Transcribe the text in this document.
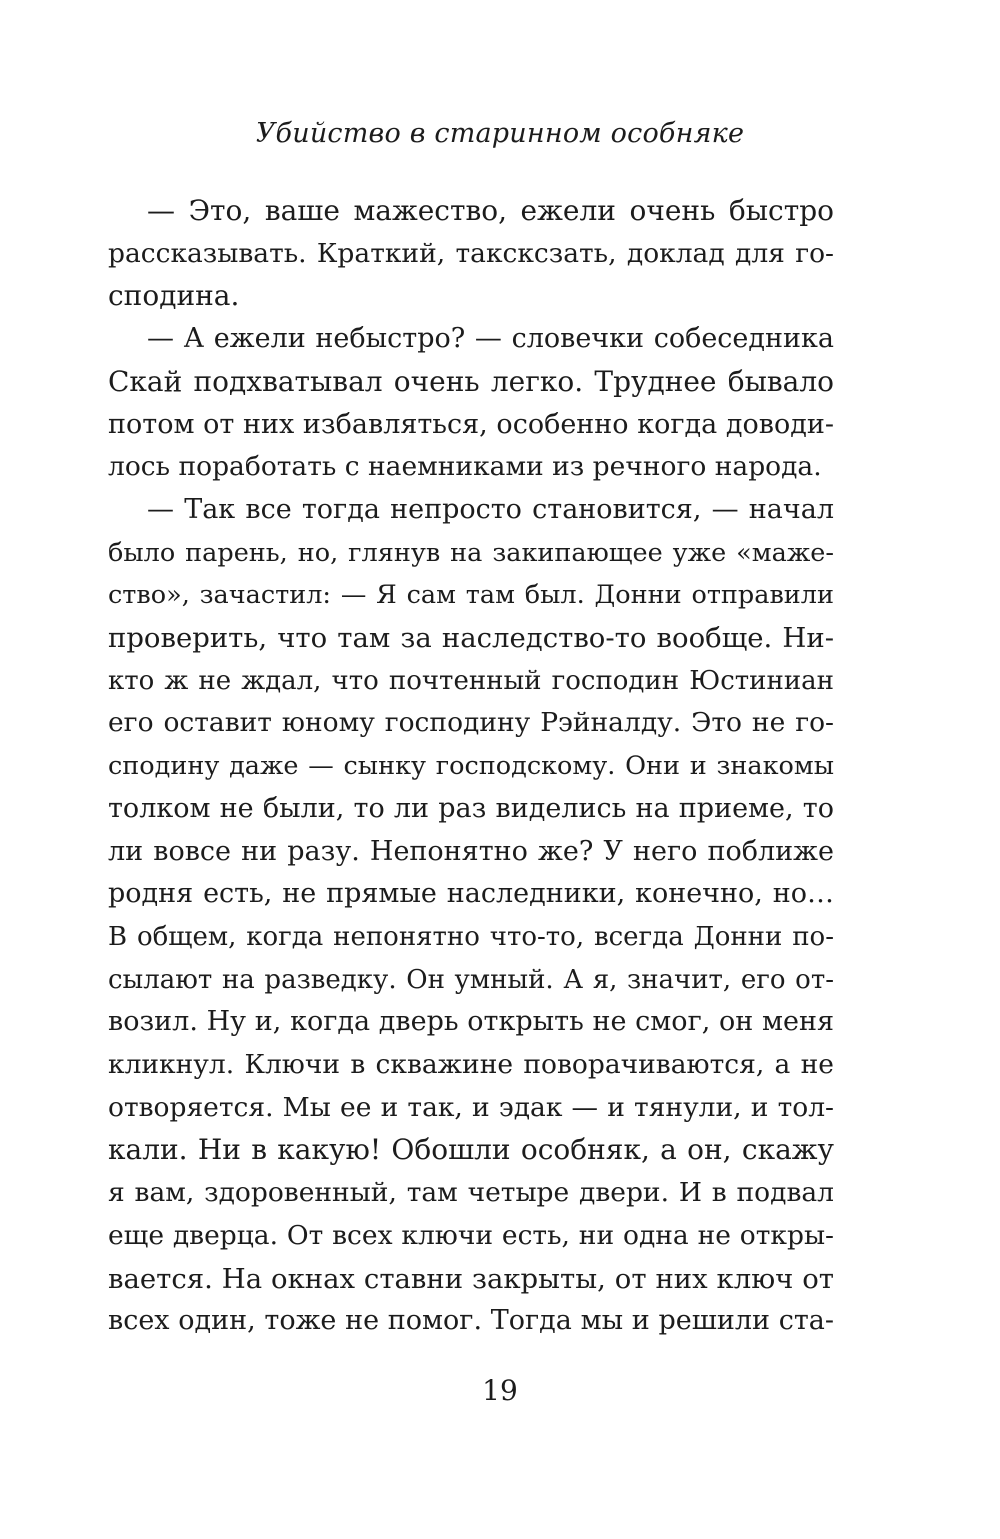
Убийство в старинном особняке
— Это, ваше мажество, ежели очень быстро
рассказывать. Краткий, таксксзать, доклад для го-
сподина.
— А ежели небыстро? — словечки собеседника
Скай подхватывал очень легко. Труднее бывало
потом от них избавляться, особенно когда доводи-
лось поработать с наемниками из речного народа.
— Так все тогда непросто становится, — начал
было парень, но, глянув на закипающее уже «маже-
ство», зачастил: — Я сам там был. Донни отправили
проверить, что там за наследство-то вообще. Ни-
кто ж не ждал, что почтенный господин Юстиниан
его оставит юному господину Рэйналду. Это не го-
сподину даже — сынку господскому. Они и знакомы
толком не были, то ли раз виделись на приеме, то
ли вовсе ни разу. Непонятно же? У него поближе
родня есть, не прямые наследники, конечно, но…
В общем, когда непонятно что-то, всегда Донни по-
сылают на разведку. Он умный. А я, значит, его от-
возил. Ну и, когда дверь открыть не смог, он меня
кликнул. Ключи в скважине поворачиваются, а не
отворяется. Мы ее и так, и эдак — и тянули, и тол-
кали. Ни в какую! Обошли особняк, а он, скажу
я вам, здоровенный, там четыре двери. И в подвал
еще дверца. От всех ключи есть, ни одна не откры-
вается. На окнах ставни закрыты, от них ключ от
всех один, тоже не помог. Тогда мы и решили ста-
19
